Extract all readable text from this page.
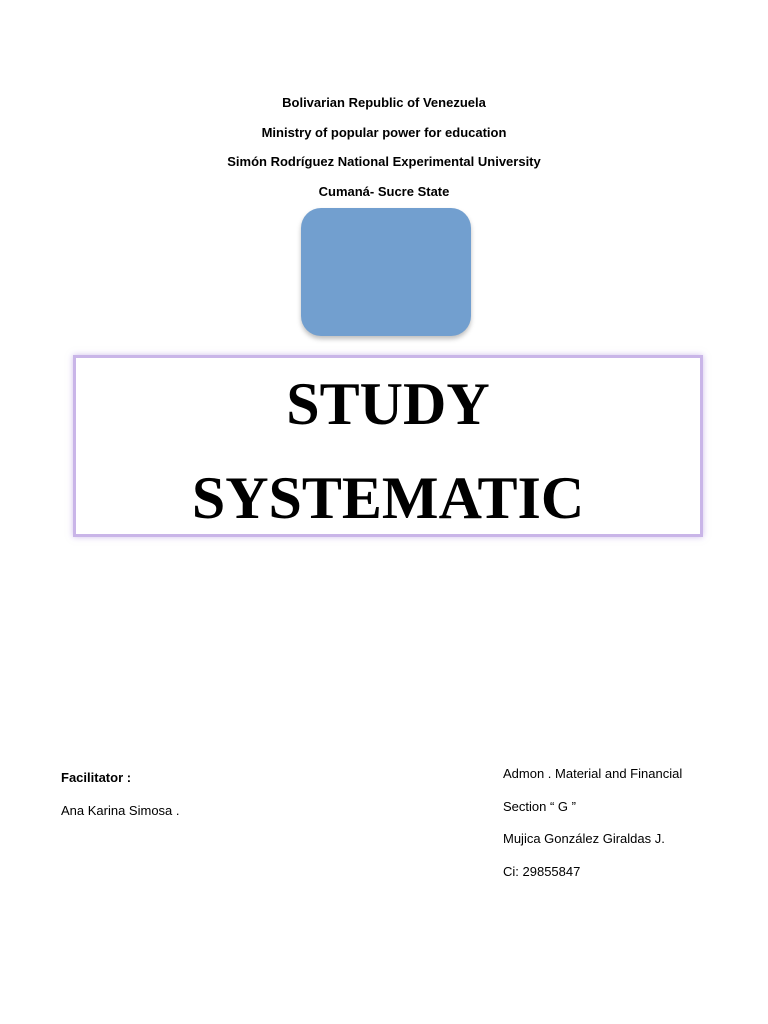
Bolivarian Republic of Venezuela
Ministry of popular power for education
Simón Rodríguez National Experimental University
Cumaná- Sucre State
STUDY
SYSTEMATIC
Facilitator :
Ana Karina Simosa .
Admon . Material and Financial
Section “ G ”
Mujica González Giraldas J.
Ci: 29855847
